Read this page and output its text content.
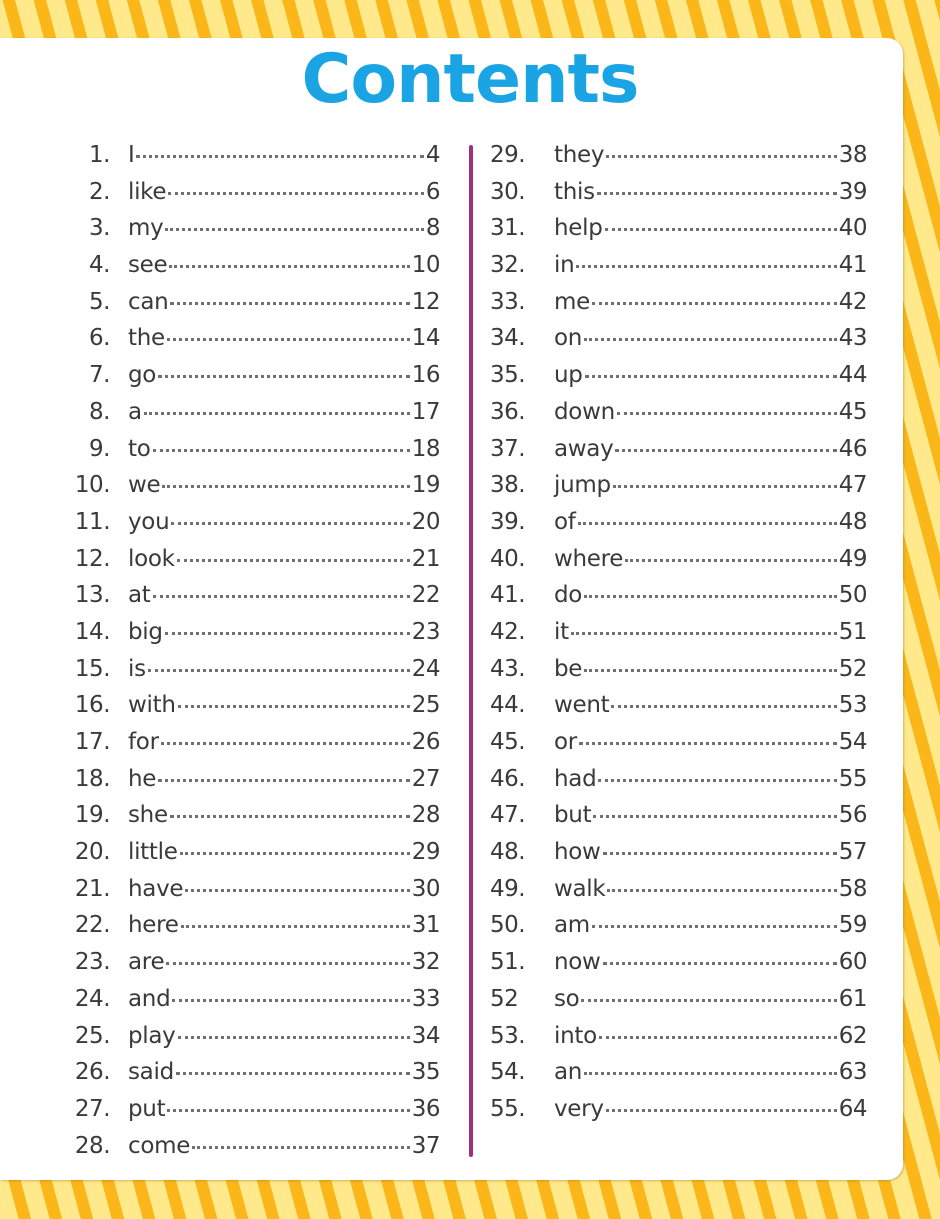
Contents
1. I	4
2. like	6
3. my	8
4. see	10
5. can	12
6. the	14
7. go	16
8. a	17
9. to	18
10. we	19
11. you	20
12. look	21
13. at	22
14. big	23
15. is	24
16. with	25
17. for	26
18. he	27
19. she	28
20. little	29
21. have	30
22. here	31
23. are	32
24. and	33
25. play	34
26. said	35
27. put	36
28. come	37
29.	they	38
30.	this	39
31.	help	40
32.	in	41
33.	me	42
34.	on	43
35.	up	44
36.	down	45
37.	away	46
38.	jump	47
39.	of	48
40.	where	49
41.	do	50
42.	it	51
43.	be	52
44.	went	53
45.	or	54
46.	had	55
47.	but	56
48.	how	57
49.	walk	58
50.	am	59
51.	now	60
52	so	61
53.	into	62
54.	an	63
55.	very	64
